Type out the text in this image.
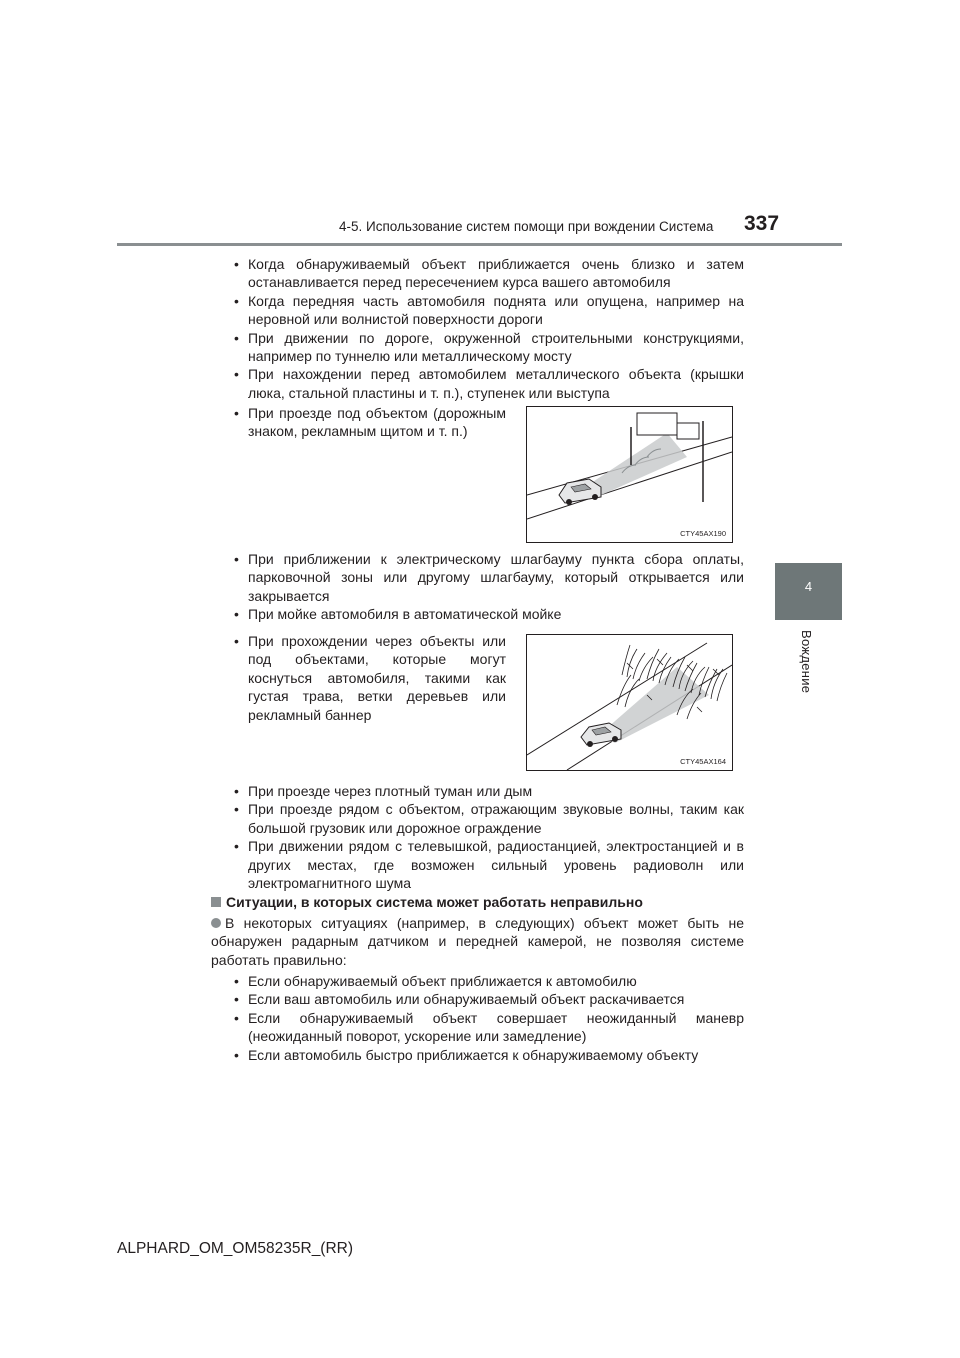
4-5. Использование систем помощи при вождении Система 337
4
Вождение
• Когда обнаруживаемый объект приближается очень близко и затем останавливается перед пересечением курса вашего автомобиля
• Когда передняя часть автомобиля поднята или опущена, например на неровной или волнистой поверхности дороги
• При движении по дороге, окруженной строительными конструкциями, например по туннелю или металлическому мосту
• При нахождении перед автомобилем металлического объекта (крышки люка, стальной пластины и т. п.), ступенек или выступа
• При проезде под объектом (дорожным знаком, рекламным щитом и т. п.)
CTY45AX190
• При приближении к электрическому шлагбауму пункта сбора оплаты, парковочной зоны или другому шлагбауму, который открывается или закрывается
• При мойке автомобиля в автоматической мойке
• При прохождении через объекты или под объектами, которые могут коснуться автомобиля, такими как густая трава, ветки деревьев или рекламный баннер
CTY45AX164
• При проезде через плотный туман или дым
• При проезде рядом с объектом, отражающим звуковые волны, таким как большой грузовик или дорожное ограждение
• При движении рядом с телевышкой, радиостанцией, электростанцией и в других местах, где возможен сильный уровень радиоволн или электромагнитного шума
Ситуации, в которых система может работать неправильно
В некоторых ситуациях (например, в следующих) объект может быть не обнаружен радарным датчиком и передней камерой, не позволяя системе работать правильно:
• Если обнаруживаемый объект приближается к автомобилю
• Если ваш автомобиль или обнаруживаемый объект раскачивается
• Если обнаруживаемый объект совершает неожиданный маневр (неожиданный поворот, ускорение или замедление)
• Если автомобиль быстро приближается к обнаруживаемому объекту
ALPHARD_OM_OM58235R_(RR)
